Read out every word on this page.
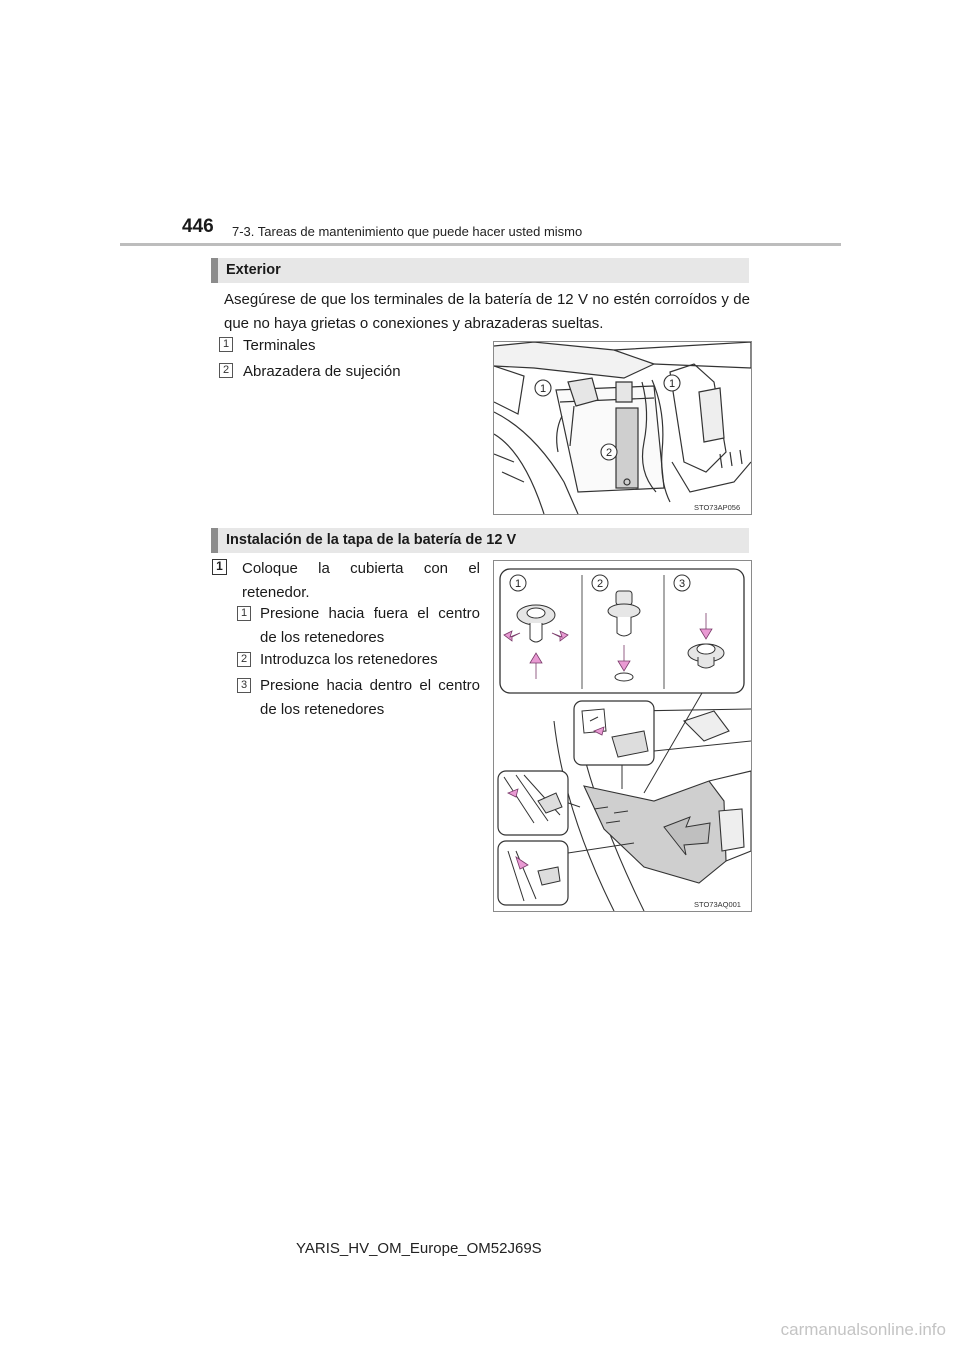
446 7-3. Tareas de mantenimiento que puede hacer usted mismo
Exterior
Asegúrese de que los terminales de la batería de 12 V no estén corroídos y de que no haya grietas o conexiones y abrazaderas sueltas.
1 Terminales
2 Abrazadera de sujeción
1	1
2
STO73AP056
Instalación de la tapa de la batería de 12 V
1 Coloque la cubierta con el retenedor.
1 Presione hacia fuera el centro de los retenedores
2 Introduzca los retenedores
3 Presione hacia dentro el centro de los retenedores
1	2	3
STO73AQ001
YARIS_HV_OM_Europe_OM52J69S
carmanualsonline.info
